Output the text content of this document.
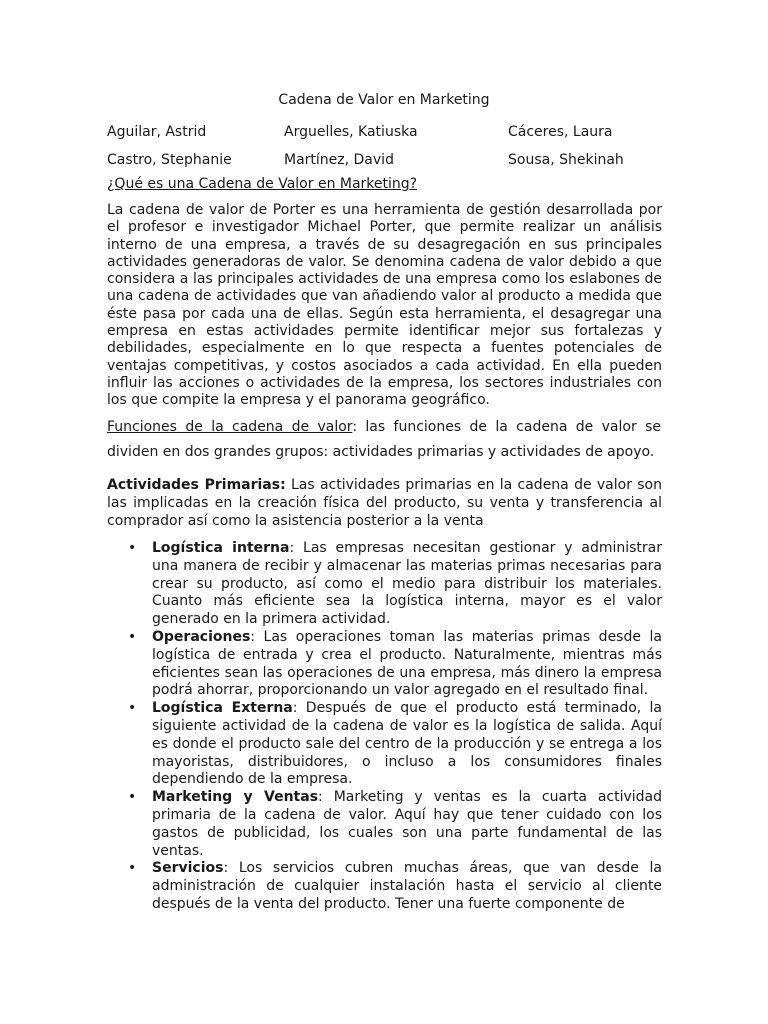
Cadena de Valor en Marketing
Aguilar, Astrid	Arguelles, Katiuska	Cáceres, Laura
Castro, Stephanie	Martínez, David	Sousa, Shekinah
¿Qué es una Cadena de Valor en Marketing?

La cadena de valor de Porter es una herramienta de gestión desarrollada por el profesor e investigador Michael Porter, que permite realizar un análisis interno de una empresa, a través de su desagregación en sus principales actividades generadoras de valor. Se denomina cadena de valor debido a que considera a las principales actividades de una empresa como los eslabones de una cadena de actividades que van añadiendo valor al producto a medida que éste pasa por cada una de ellas. Según esta herramienta, el desagregar una empresa en estas actividades permite identificar mejor sus fortalezas y debilidades, especialmente en lo que respecta a fuentes potenciales de ventajas competitivas, y costos asociados a cada actividad. En ella pueden influir las acciones o actividades de la empresa, los sectores industriales con los que compite la empresa y el panorama geográfico.

Funciones de la cadena de valor: las funciones de la cadena de valor se dividen en dos grandes grupos: actividades primarias y actividades de apoyo.

Actividades Primarias: Las actividades primarias en la cadena de valor son las implicadas en la creación física del producto, su venta y transferencia al comprador así como la asistencia posterior a la venta

• Logística interna: Las empresas necesitan gestionar y administrar una manera de recibir y almacenar las materias primas necesarias para crear su producto, así como el medio para distribuir los materiales. Cuanto más eficiente sea la logística interna, mayor es el valor generado en la primera actividad.
• Operaciones: Las operaciones toman las materias primas desde la logística de entrada y crea el producto. Naturalmente, mientras más eficientes sean las operaciones de una empresa, más dinero la empresa podrá ahorrar, proporcionando un valor agregado en el resultado final.
• Logística Externa: Después de que el producto está terminado, la siguiente actividad de la cadena de valor es la logística de salida. Aquí es donde el producto sale del centro de la producción y se entrega a los mayoristas, distribuidores, o incluso a los consumidores finales dependiendo de la empresa.
• Marketing y Ventas: Marketing y ventas es la cuarta actividad primaria de la cadena de valor. Aquí hay que tener cuidado con los gastos de publicidad, los cuales son una parte fundamental de las ventas.
• Servicios: Los servicios cubren muchas áreas, que van desde la administración de cualquier instalación hasta el servicio al cliente después de la venta del producto. Tener una fuerte componente de
